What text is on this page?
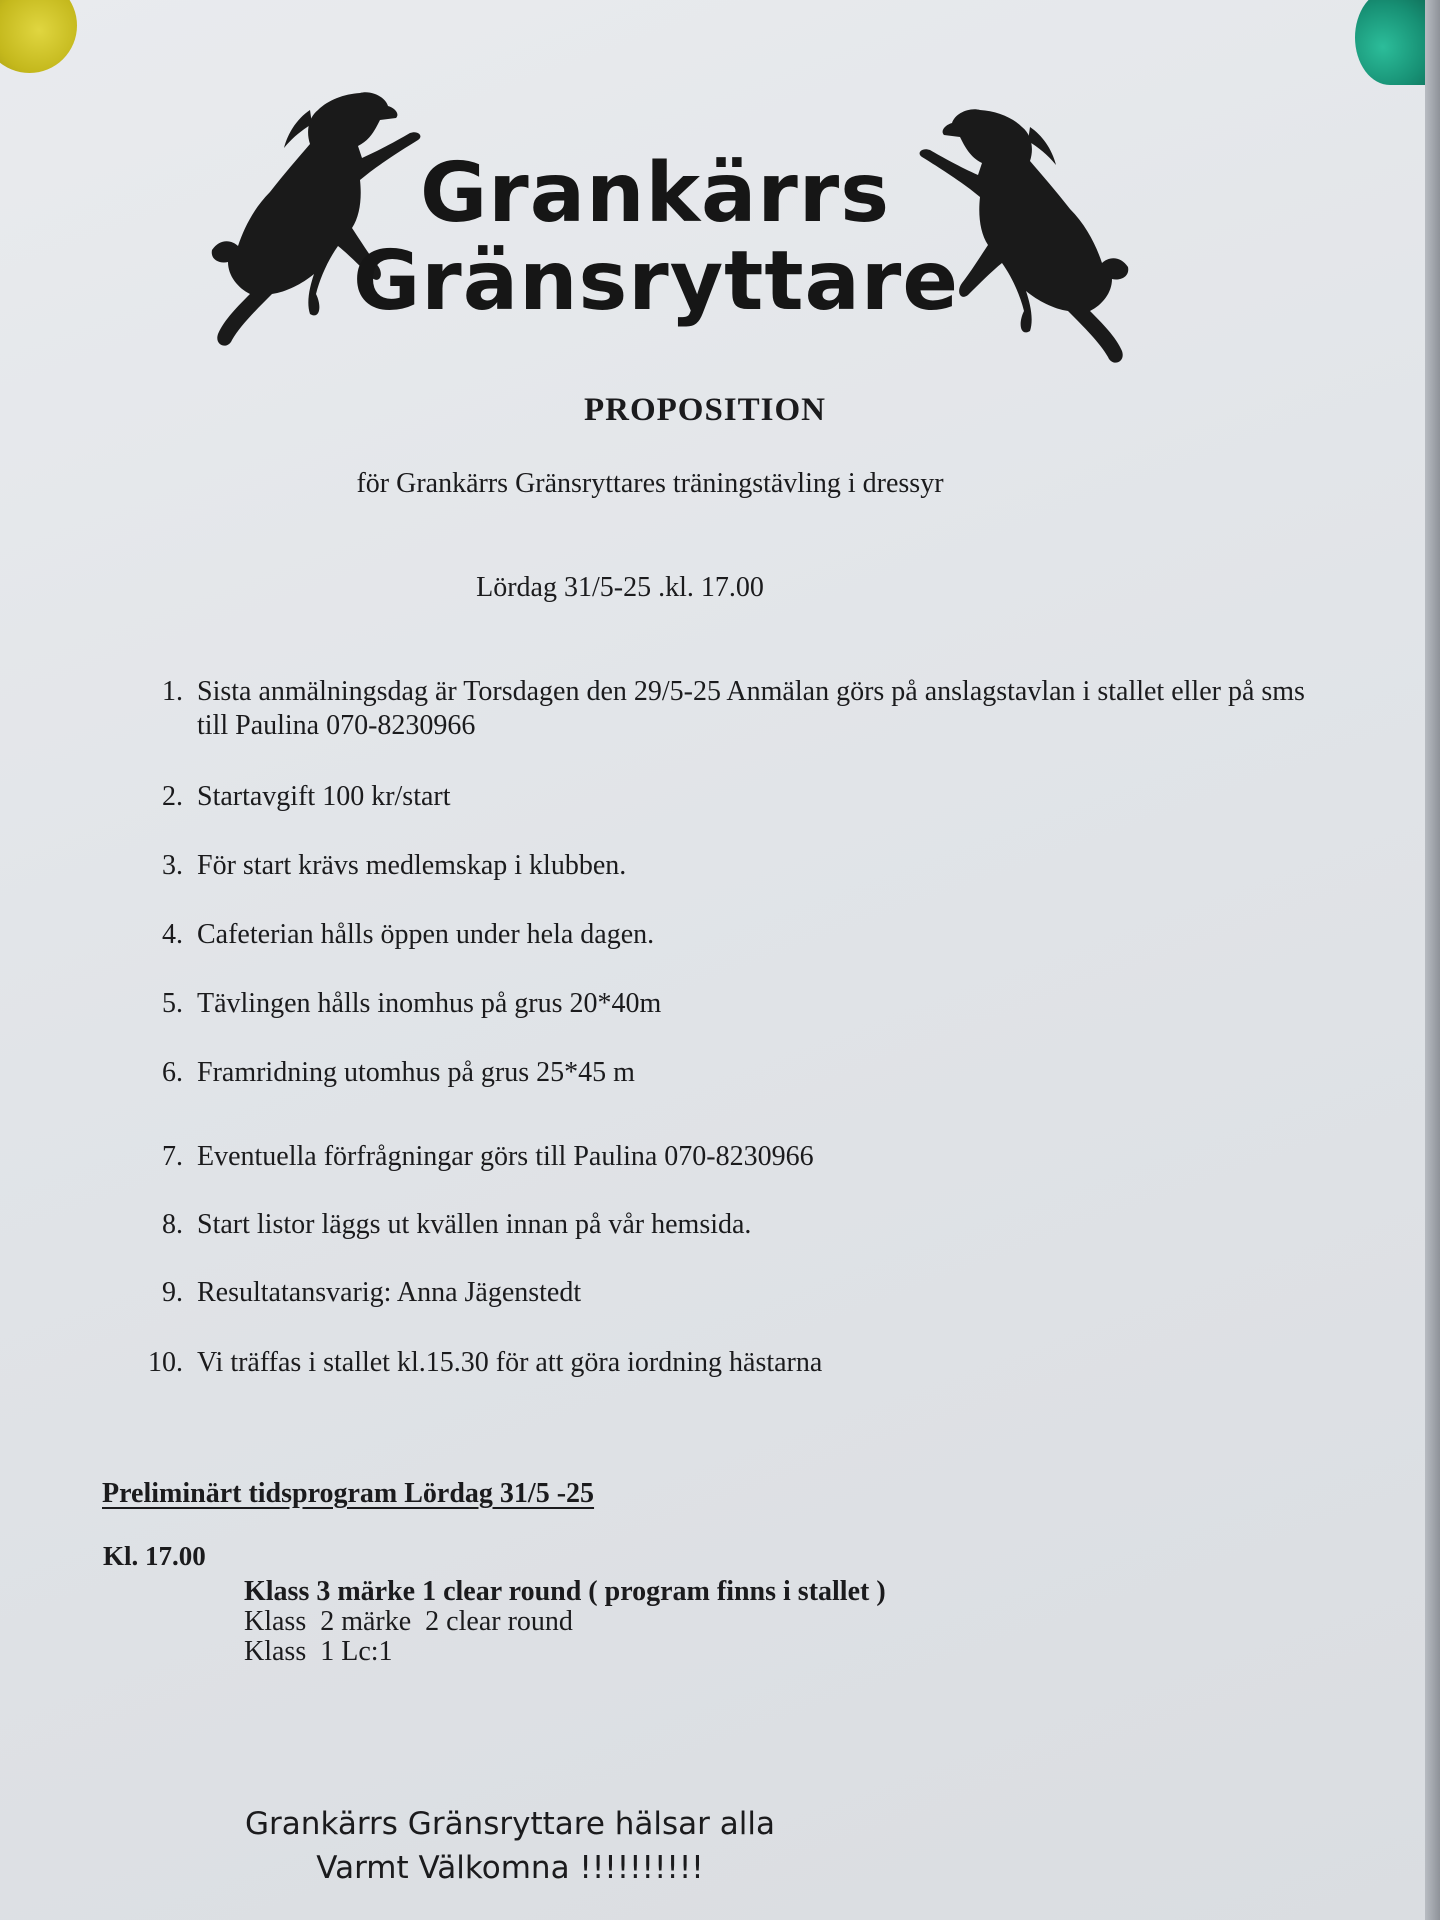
Grankärrs
Gränsryttare
PROPOSITION
för Grankärrs Gränsryttares träningstävling i dressyr
Lördag 31/5-25 .kl. 17.00
1. Sista anmälningsdag är Torsdagen den 29/5-25 Anmälan görs på anslagstavlan i stallet eller på sms till Paulina 070-8230966
2. Startavgift 100 kr/start
3. För start krävs medlemskap i klubben.
4. Cafeterian hålls öppen under hela dagen.
5. Tävlingen hålls inomhus på grus 20*40m
6. Framridning utomhus på grus 25*45 m
7. Eventuella förfrågningar görs till Paulina 070-8230966
8. Start listor läggs ut kvällen innan på vår hemsida.
9. Resultatansvarig: Anna Jägenstedt
10. Vi träffas i stallet kl.15.30 för att göra iordning hästarna
Preliminärt tidsprogram Lördag 31/5 -25
Kl. 17.00
Klass 3 märke 1 clear round ( program finns i stallet )
Klass  2 märke  2 clear round
Klass  1 Lc:1
Grankärrs Gränsryttare hälsar alla
Varmt Välkomna !!!!!!!!!!
